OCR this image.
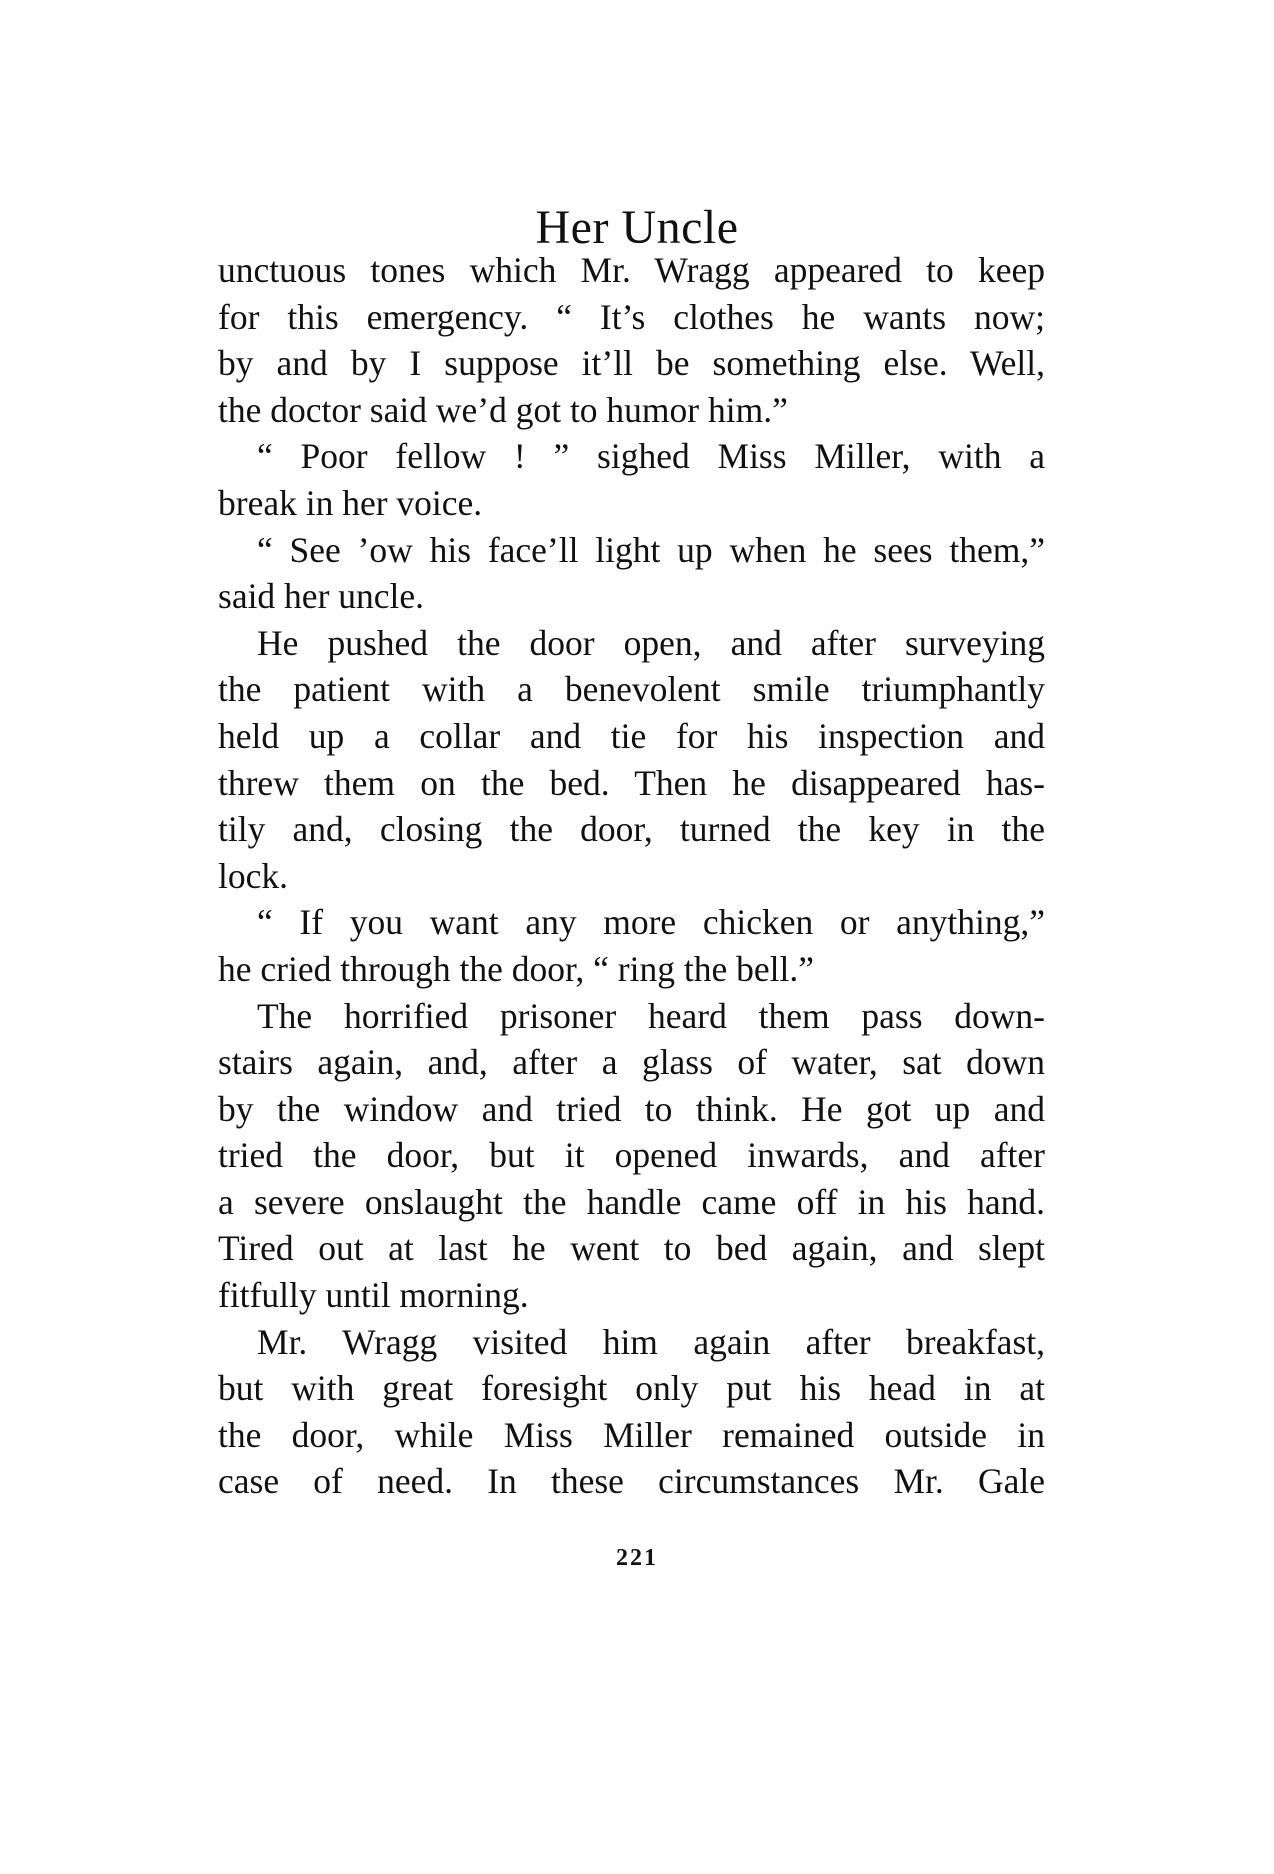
Her Uncle
unctuous tones which Mr. Wragg appeared to keep
for this emergency. “ It’s clothes he wants now;
by and by I suppose it’ll be something else. Well,
the doctor said we’d got to humor him.”
“ Poor fellow ! ” sighed Miss Miller, with a
break in her voice.
“ See ’ow his face’ll light up when he sees them,”
said her uncle.
He pushed the door open, and after surveying
the patient with a benevolent smile triumphantly
held up a collar and tie for his inspection and
threw them on the bed. Then he disappeared has-
tily and, closing the door, turned the key in the
lock.
“ If you want any more chicken or anything,”
he cried through the door, “ ring the bell.”
The horrified prisoner heard them pass down-
stairs again, and, after a glass of water, sat down
by the window and tried to think. He got up and
tried the door, but it opened inwards, and after
a severe onslaught the handle came off in his hand.
Tired out at last he went to bed again, and slept
fitfully until morning.
Mr. Wragg visited him again after breakfast,
but with great foresight only put his head in at
the door, while Miss Miller remained outside in
case of need. In these circumstances Mr. Gale
221
